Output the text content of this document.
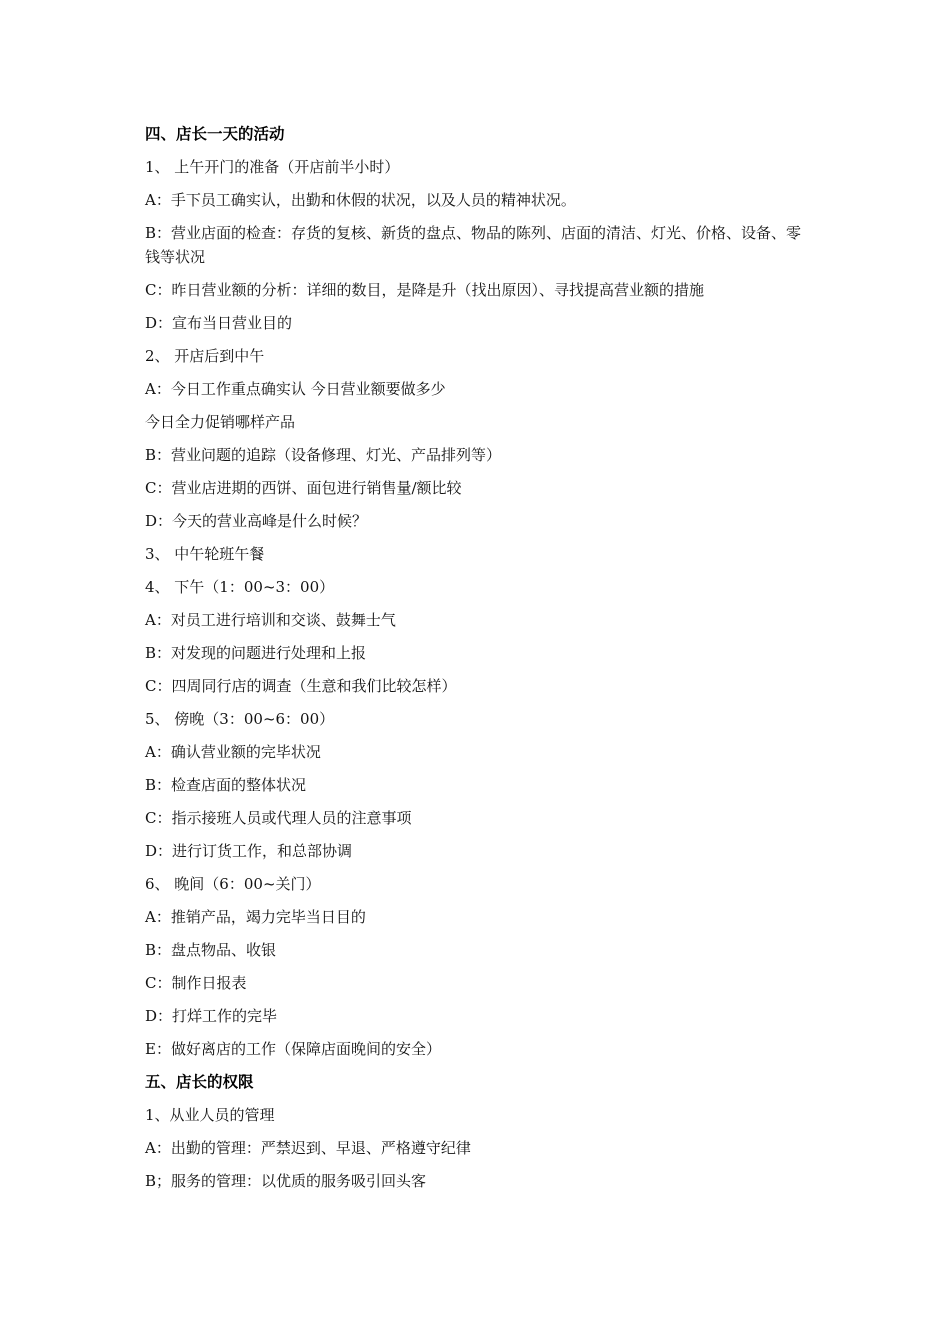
四、店长一天的活动
1、 上午开门的准备（开店前半小时）
A：手下员工确实认，出勤和休假的状况，以及人员的精神状况。
B：营业店面的检查：存货的复核、新货的盘点、物品的陈列、店面的清洁、灯光、价格、设备、零钱等状况
C：昨日营业额的分析：详细的数目，是降是升（找出原因）、寻找提高营业额的措施
D：宣布当日营业目的
2、 开店后到中午
A：今日工作重点确实认 今日营业额要做多少
今日全力促销哪样产品
B：营业问题的追踪（设备修理、灯光、产品排列等）
C：营业店进期的西饼、面包进行销售量/额比较
D：今天的营业高峰是什么时候？
3、 中午轮班午餐
4、 下午（1：00~3：00）
A：对员工进行培训和交谈、鼓舞士气
B：对发现的问题进行处理和上报
C：四周同行店的调查（生意和我们比较怎样）
5、 傍晚（3：00~6：00）
A：确认营业额的完毕状况
B：检查店面的整体状况
C：指示接班人员或代理人员的注意事项
D：进行订货工作，和总部协调
6、 晚间（6：00~关门）
A：推销产品，竭力完毕当日目的
B：盘点物品、收银
C：制作日报表
D：打烊工作的完毕
E：做好离店的工作（保障店面晚间的安全）
五、店长的权限
1、从业人员的管理
A：出勤的管理：严禁迟到、早退、严格遵守纪律
B；服务的管理：以优质的服务吸引回头客
